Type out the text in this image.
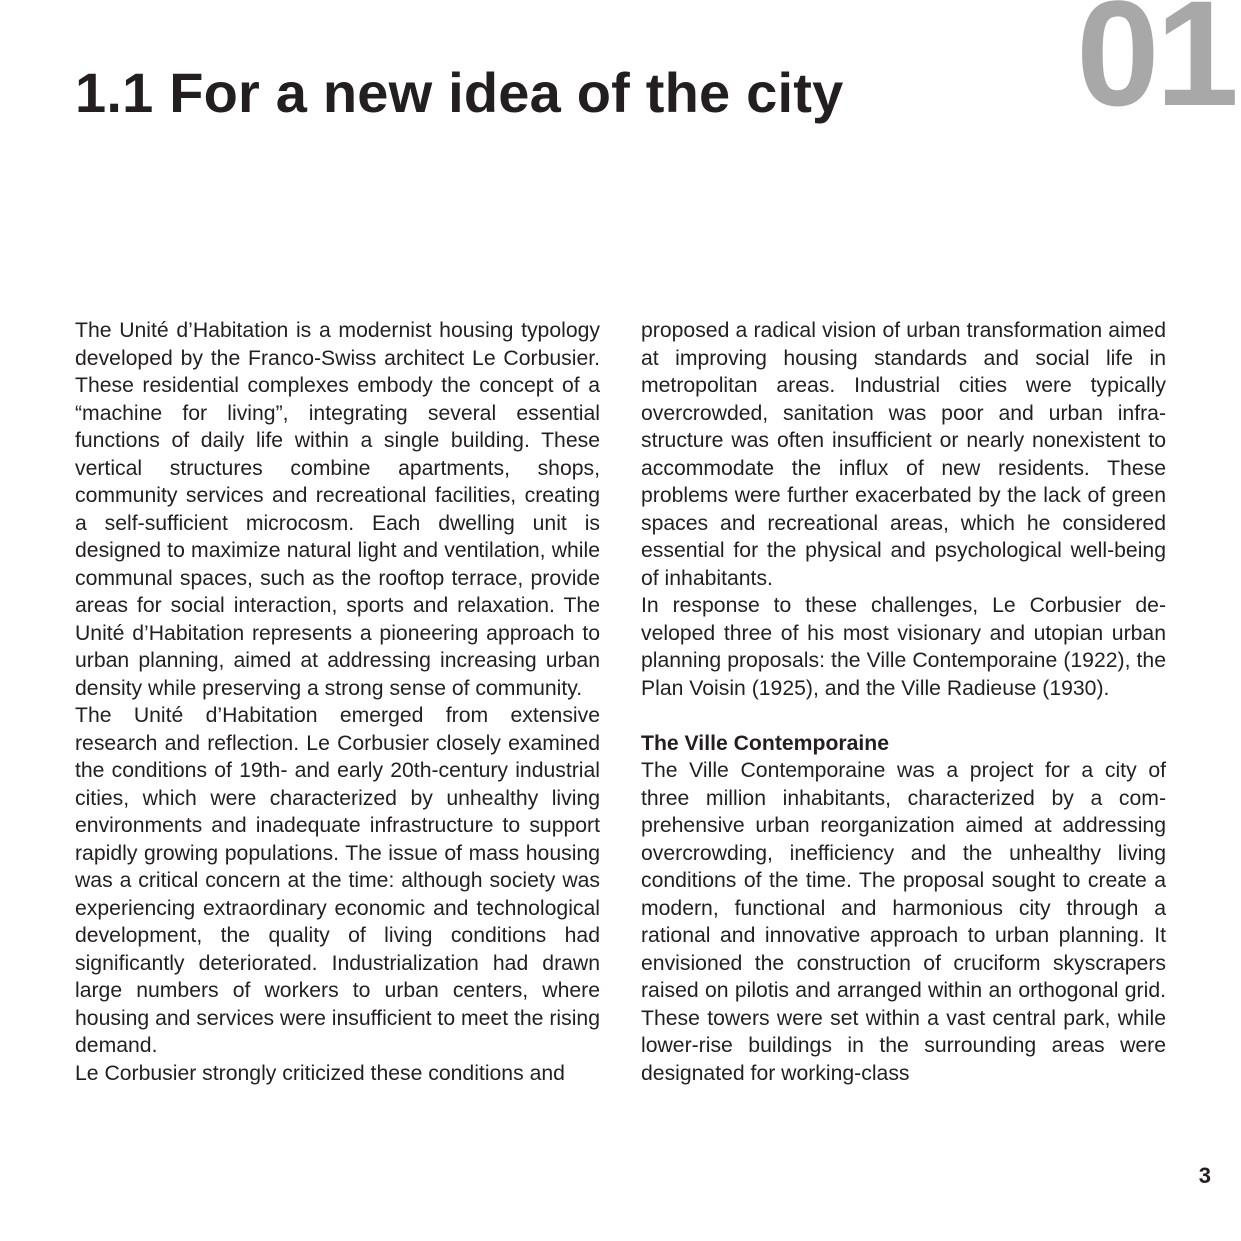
01
1.1 For a new idea of the city

The Unité d’Habitation is a modernist housing typology developed by the Franco-Swiss architect Le Corbusier. These residential complexes embody the concept of a “machine for living”, integrating several essential functions of daily life within a single building. These vertical structures combine apartments, shops, community services and recreational facilities, creating a self-sufficient microcosm. Each dwelling unit is designed to maximize natural light and ventilation, while communal spaces, such as the rooftop terrace, provide areas for social interaction, sports and relaxation. The Unité d’Habitation represents a pioneering approach to urban planning, aimed at addressing increasing urban density while preserving a strong sense of community.

The Unité d’Habitation emerged from extensive research and reflection. Le Corbusier closely examined the conditions of 19th- and early 20th-century industrial cities, which were characterized by unhealthy living environments and inadequate infrastructure to support rapidly growing populations. The issue of mass housing was a critical concern at the time: although society was experiencing extraordinary economic and technological development, the quality of living conditions had significantly deteriorated. Industrialization had drawn large numbers of workers to urban centers, where housing and services were insufficient to meet the rising demand.

Le Corbusier strongly criticized these conditions and

proposed a radical vision of urban transformation aimed at improving housing standards and social life in metropolitan areas. Industrial cities were typically overcrowded, sanitation was poor and urban infrastructure was often insufficient or nearly nonexistent to accommodate the influx of new residents. These problems were further exacerbated by the lack of green spaces and recreational areas, which he considered essential for the physical and psychological well-being of inhabitants.

In response to these challenges, Le Corbusier developed three of his most visionary and utopian urban planning proposals: the Ville Contemporaine (1922), the Plan Voisin (1925), and the Ville Radieuse (1930).

The Ville Contemporaine

The Ville Contemporaine was a project for a city of three million inhabitants, characterized by a comprehensive urban reorganization aimed at addressing overcrowding, inefficiency and the unhealthy living conditions of the time. The proposal sought to create a modern, functional and harmonious city through a rational and innovative approach to urban planning. It envisioned the construction of cruciform skyscrapers raised on pilotis and arranged within an orthogonal grid. These towers were set within a vast central park, while lower-rise buildings in the surrounding areas were designated for working-class

3
